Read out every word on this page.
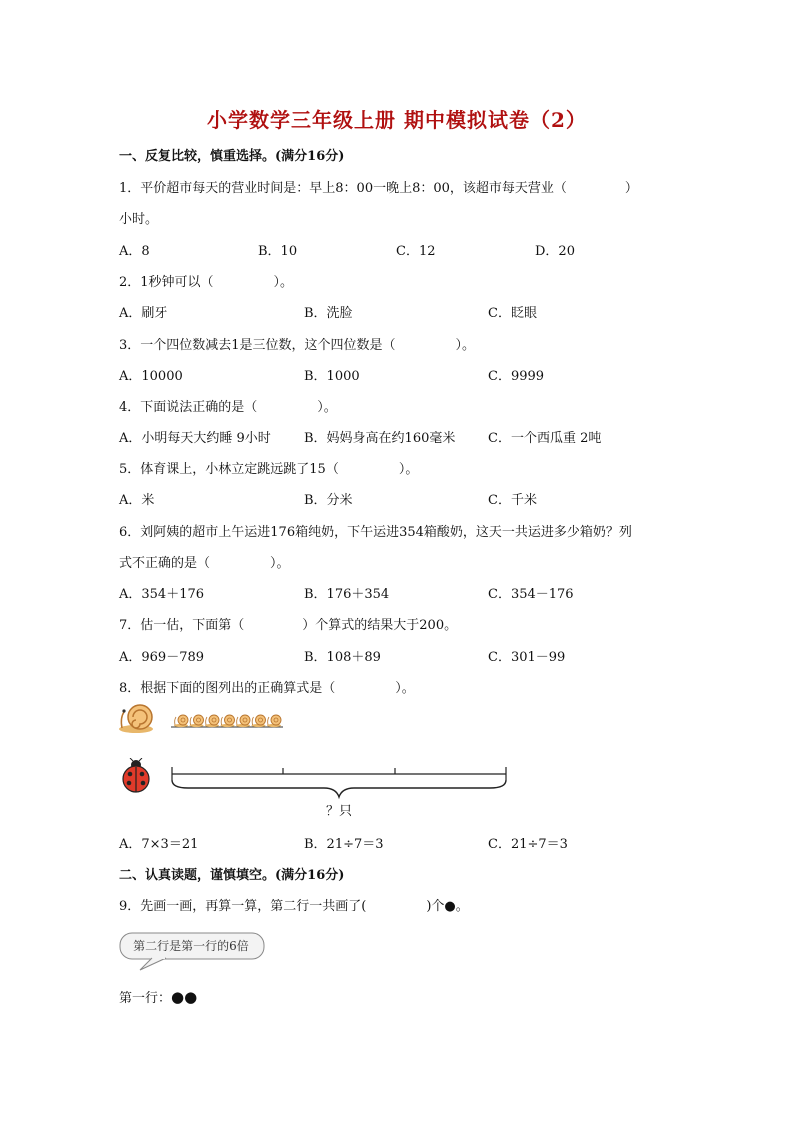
小学数学三年级上册 期中模拟试卷（2）
一、反复比较，慎重选择。(满分16分)
1．平价超市每天的营业时间是：早上8：00一晚上8：00，该超市每天营业（	）
小时。
A．8	B．10	C．12	D．20
2．1秒钟可以（	）。
A．刷牙	B．洗脸	C．眨眼
3．一个四位数减去1是三位数，这个四位数是（	）。
A．10000	B．1000	C．9999
4．下面说法正确的是（	）。
A．小明每天大约睡 9小时	B．妈妈身高在约160毫米	C．一个西瓜重 2吨
5．体育课上，小林立定跳远跳了15（	）。
A．米	B．分米	C．千米
6．刘阿姨的超市上午运进176箱纯奶，下午运进354箱酸奶，这天一共运进多少箱奶？列
式不正确的是（	）。
A．354＋176	B．176＋354	C．354－176
7．估一估，下面第（	）个算式的结果大于200。
A．969－789	B．108＋89	C．301－99
8．根据下面的图列出的正确算式是（	）。
？只
A．7×3＝21	B．21÷7＝3	C．21÷7＝3
二、认真读题，谨慎填空。(满分16分)
9．先画一画，再算一算，第二行一共画了(	)个●。
第二行是第一行的6倍
第一行：●●
